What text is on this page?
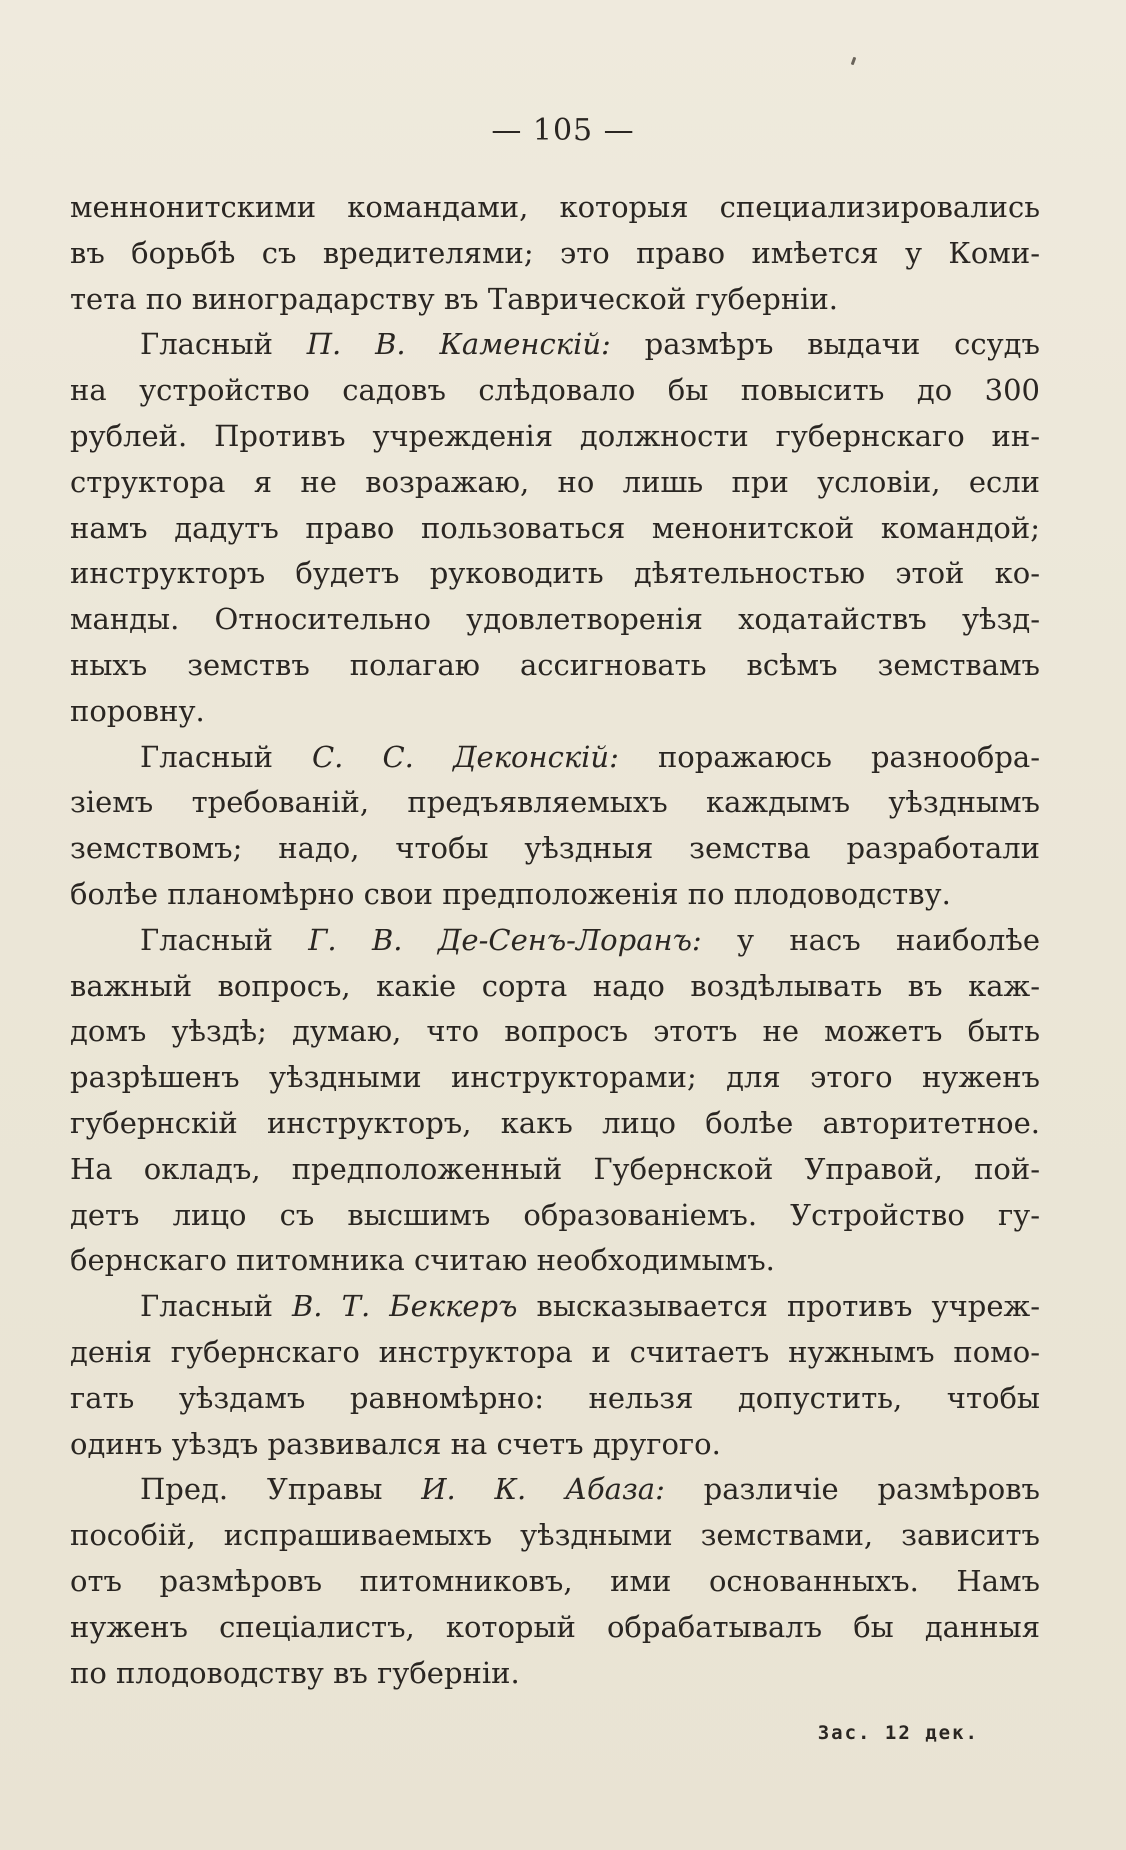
— 105 —
меннонитскими командами, которыя специализировались
въ борьбѣ съ вредителями; это право имѣется у Коми-
тета по виноградарству въ Таврической губерніи.
Гласный П. В. Каменскій: размѣръ выдачи ссудъ
на устройство садовъ слѣдовало бы повысить до 300
рублей. Противъ учрежденія должности губернскаго ин-
структора я не возражаю, но лишь при условіи, если
намъ дадутъ право пользоваться менонитской командой;
инструкторъ будетъ руководить дѣятельностью этой ко-
манды. Относительно удовлетворенія ходатайствъ уѣзд-
ныхъ земствъ полагаю ассигновать всѣмъ земствамъ
поровну.
Гласный С. С. Деконскій: поражаюсь разнообра-
зіемъ требованій, предъявляемыхъ каждымъ уѣзднымъ
земствомъ; надо, чтобы уѣздныя земства разработали
болѣе планомѣрно свои предположенія по плодоводству.
Гласный Г. В. Де-Сенъ-Лоранъ: у насъ наиболѣе
важный вопросъ, какіе сорта надо воздѣлывать въ каж-
домъ уѣздѣ; думаю, что вопросъ этотъ не можетъ быть
разрѣшенъ уѣздными инструкторами; для этого нуженъ
губернскій инструкторъ, какъ лицо болѣе авторитетное.
На окладъ, предположенный Губернской Управой, пой-
детъ лицо съ высшимъ образованіемъ. Устройство гу-
бернскаго питомника считаю необходимымъ.
Гласный В. Т. Беккеръ высказывается противъ учреж-
денія губернскаго инструктора и считаетъ нужнымъ помо-
гать уѣздамъ равномѣрно: нельзя допустить, чтобы
одинъ уѣздъ развивался на счетъ другого.
Пред. Управы И. К. Абаза: различіе размѣровъ
пособій, испрашиваемыхъ уѣздными земствами, зависитъ
отъ размѣровъ питомниковъ, ими основанныхъ. Намъ
нуженъ спеціалистъ, который обрабатывалъ бы данныя
по плодоводству въ губерніи.
Зас. 12 дек.
